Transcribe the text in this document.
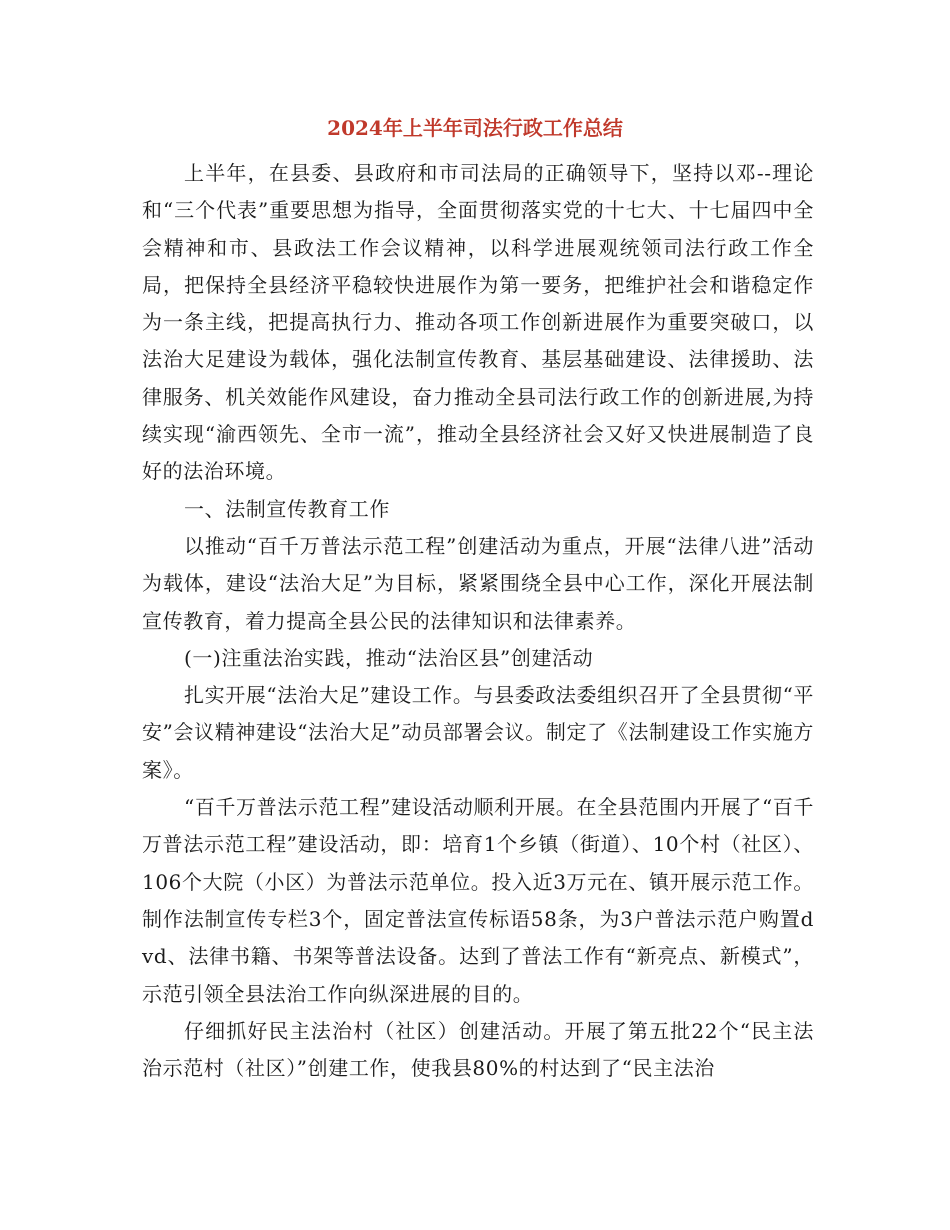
2024年上半年司法行政工作总结

上半年，在县委、县政府和市司法局的正确领导下，坚持以邓--理论和“三个代表”重要思想为指导，全面贯彻落实党的十七大、十七届四中全会精神和市、县政法工作会议精神，以科学进展观统领司法行政工作全局，把保持全县经济平稳较快进展作为第一要务，把维护社会和谐稳定作为一条主线，把提高执行力、推动各项工作创新进展作为重要突破口，以法治大足建设为载体，强化法制宣传教育、基层基础建设、法律援助、法律服务、机关效能作风建设，奋力推动全县司法行政工作的创新进展,为持续实现“渝西领先、全市一流”，推动全县经济社会又好又快进展制造了良好的法治环境。

一、法制宣传教育工作

以推动“百千万普法示范工程”创建活动为重点，开展“法律八进”活动为载体，建设“法治大足”为目标，紧紧围绕全县中心工作，深化开展法制宣传教育，着力提高全县公民的法律知识和法律素养。

(一)注重法治实践，推动“法治区县”创建活动

扎实开展“法治大足”建设工作。与县委政法委组织召开了全县贯彻“平安”会议精神建设“法治大足”动员部署会议。制定了《法制建设工作实施方案》。

“百千万普法示范工程”建设活动顺利开展。在全县范围内开展了“百千万普法示范工程”建设活动，即：培育1个乡镇（街道）、10个村（社区）、106个大院（小区）为普法示范单位。投入近3万元在、镇开展示范工作。制作法制宣传专栏3个，固定普法宣传标语58条，为3户普法示范户购置dvd、法律书籍、书架等普法设备。达到了普法工作有“新亮点、新模式”，示范引领全县法治工作向纵深进展的目的。

仔细抓好民主法治村（社区）创建活动。开展了第五批22个“民主法治示范村（社区）”创建工作，使我县80%的村达到了“民主法治
